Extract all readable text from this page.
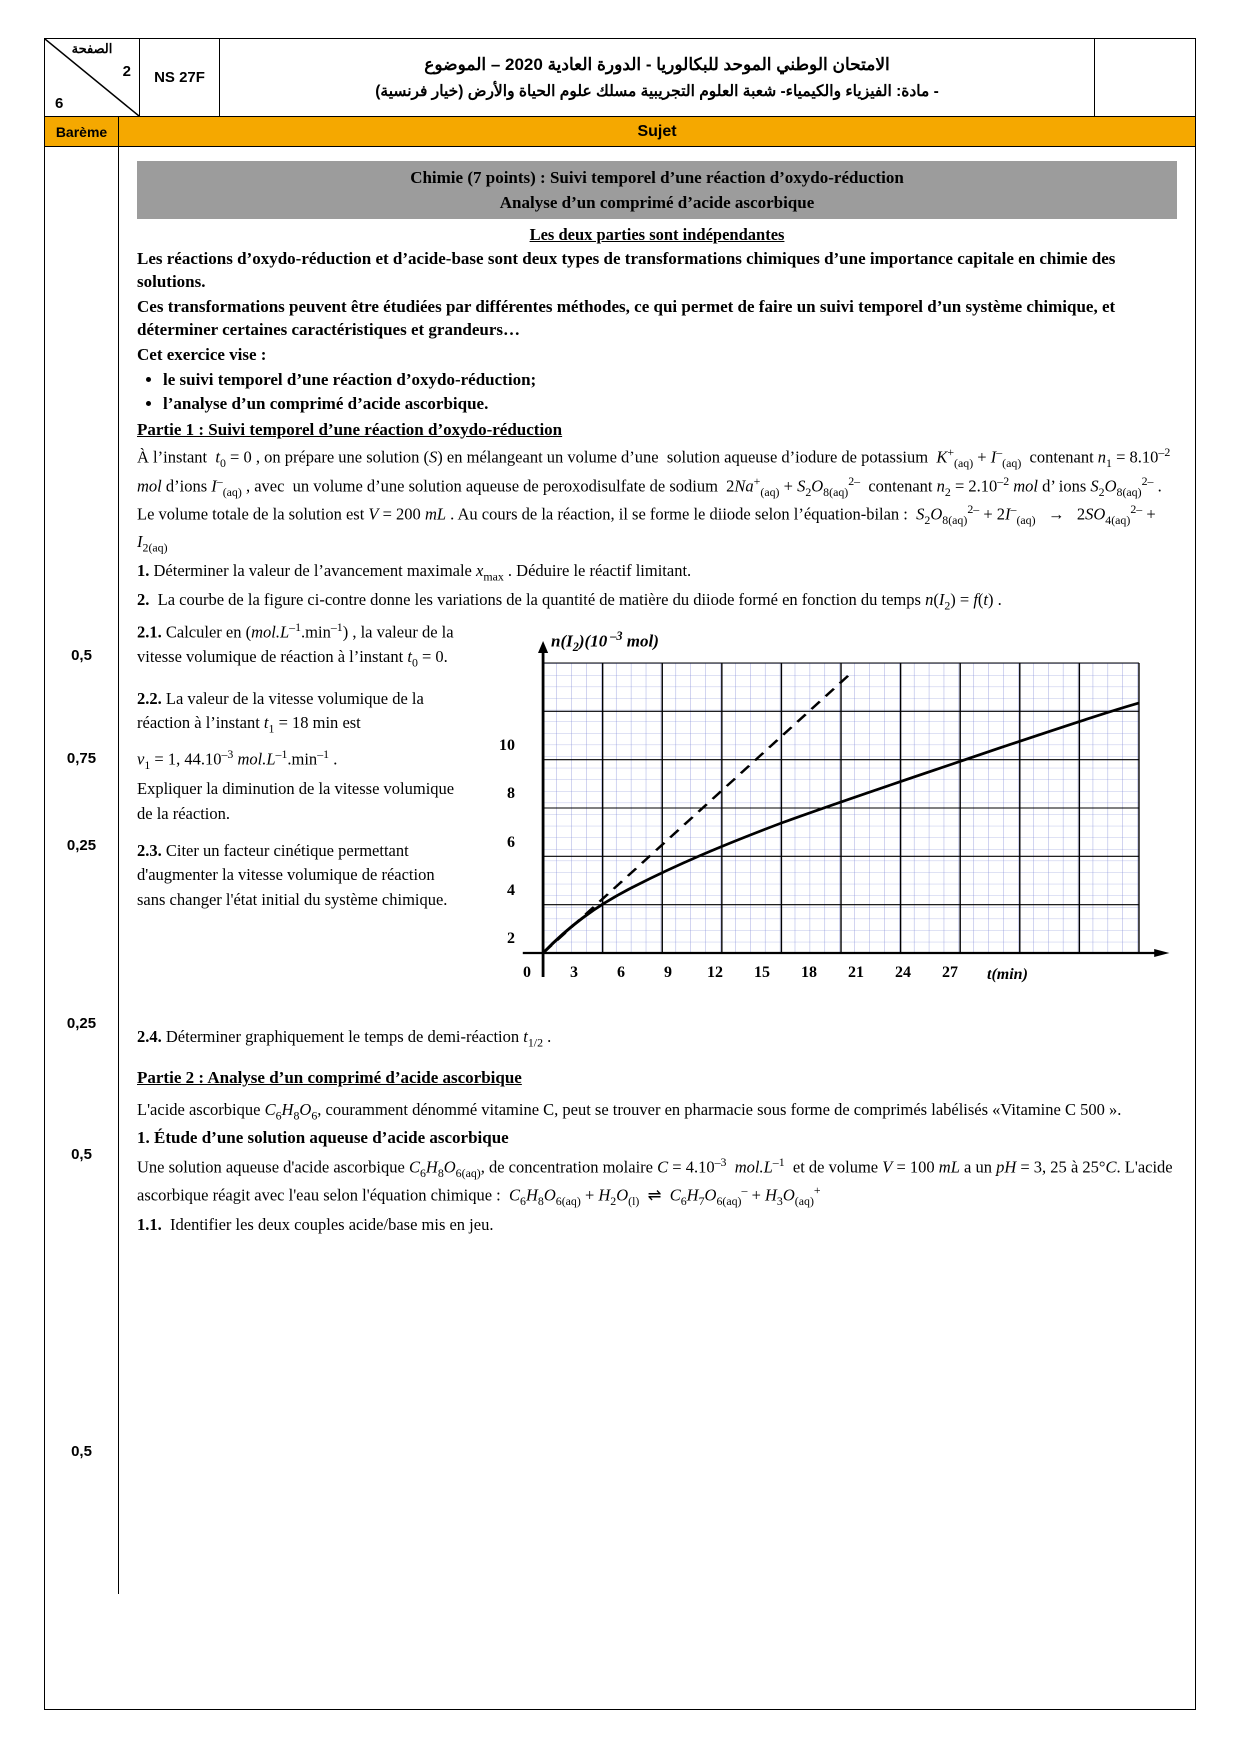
الصفحة
2
6
NS 27F
الامتحان الوطني الموحد للبكالوريا - الدورة العادية 2020 – الموضوع
- مادة: الفيزياء والكيمياء- شعبة العلوم التجريبية مسلك علوم الحياة والأرض (خيار فرنسية)
Barème	Sujet
0,5
0,75
0,25
0,25
0,5
0,5
Chimie (7 points) : Suivi temporel d’une réaction d’oxydo-réduction
Analyse d’un comprimé d’acide ascorbique
Les deux parties sont indépendantes

Les réactions d’oxydo-réduction et d’acide-base sont deux types de transformations chimiques d’une importance capitale en chimie des solutions.

Ces transformations peuvent être étudiées par différentes méthodes, ce qui permet de faire un suivi temporel d’un système chimique, et déterminer certaines caractéristiques et grandeurs…

Cet exercice vise :

• le suivi temporel d’une réaction d’oxydo-réduction;
• l’analyse d’un comprimé d’acide ascorbique.
Partie 1 : Suivi temporel d’une réaction d’oxydo-réduction

À l’instant  $t_0 = 0$ , on prépare une solution (S) en mélangeant un volume d’une  solution aqueuse d’iodure de potassium  $K^+_{(aq)} + I^-_{(aq)}$  contenant $n_1 = 8.10^{-2}$ mol d’ions $I^-_{(aq)}$ , avec  un volume d’une solution aqueuse de peroxodisulfate de sodium  $2Na^+_{(aq)} + S_2O_{8(aq)}^{2-}$  contenant $n_2 = 2.10^{-2}$ mol d’ ions $S_2O_{8(aq)}^{2-}$ . Le volume totale de la solution est V = 200 mL . Au cours de la réaction, il se forme le diiode selon l’équation-bilan :  $S_2O_{8(aq)}^{2-} + 2I^-_{(aq)} \to 2SO_{4(aq)}^{2-} + I_{2(aq)}$

1. Déterminer la valeur de l’avancement maximale $x_{max}$ . Déduire le réactif limitant.

2. La courbe de la figure ci-contre donne les variations de la quantité de matière du diiode formé en fonction du temps $n(I_2) = f(t)$ .

2.1. Calculer en $(mol.L^{-1}.\min^{-1})$ , la valeur de la vitesse volumique de réaction à l’instant $t_0 = 0$.

2.2. La valeur de la vitesse volumique de la réaction à l’instant $t_1 = 18$ min est

$v_1 = 1$, $44.10^{-3}$ $mol.L^{-1}.\min^{-1}$ .

Expliquer la diminution de la vitesse volumique de la réaction.

2.3. Citer un facteur cinétique permettant d'augmenter la vitesse volumique de réaction sans changer l'état initial du système chimique.

$n(I_2)(10$ $^{-3}$ mol)
t(min)
10
8
6
4
2
0	3	6	9	12	15	18	21	24	27

2.4. Déterminer graphiquement le temps de demi-réaction $t_{1/2}$ .

Partie 2 : Analyse d’un comprimé d’acide ascorbique

L'acide ascorbique $C_6H_8O_6$, couramment dénommé vitamine C, peut se trouver en pharmacie sous forme de comprimés labélisés «Vitamine C 500 ».

1. Étude d’une solution aqueuse d’acide ascorbique

Une solution aqueuse d'acide ascorbique $C_6H_8O_{6(aq)}$, de concentration molaire $C = 4.10^{-3}$ $mol.L^{-1}$ et de volume V = 100 mL a un pH = 3, 25 à 25°C. L'acide ascorbique réagit avec l'eau selon l'équation chimique : $C_6H_8O_{6(aq)} + H_2O_{(l)}$  ⇌  $C_6H_7O_{6(aq)}^- + H_3O_{(aq)}^+$

1.1. Identifier les deux couples acide/base mis en jeu.
